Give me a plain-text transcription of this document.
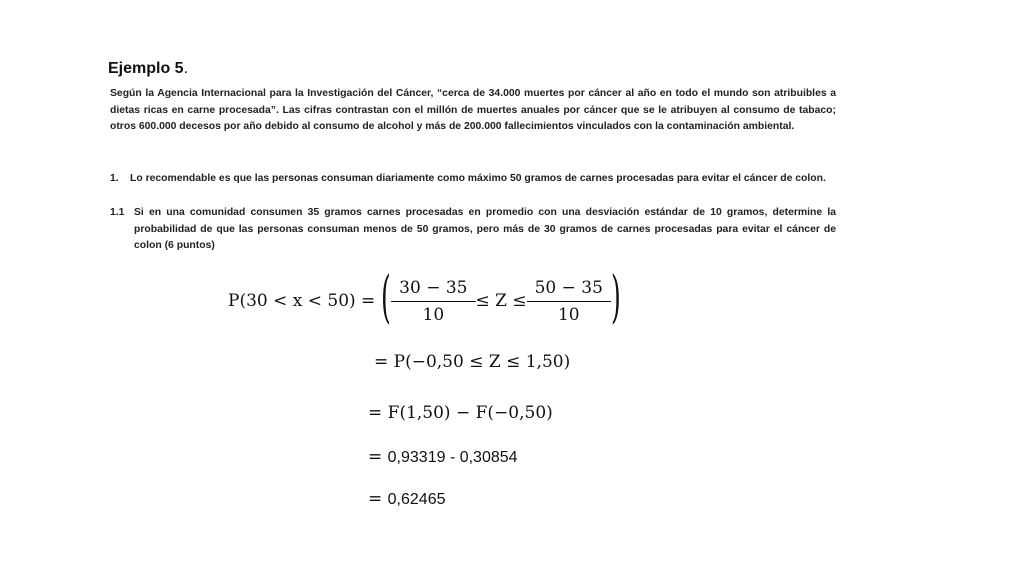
Ejemplo 5.
Según la Agencia Internacional para la Investigación del Cáncer, “cerca de 34.000 muertes por cáncer al año en todo el mundo son atribuibles a dietas ricas en carne procesada”. Las cifras contrastan con el millón de muertes anuales por cáncer que se le atribuyen al consumo de tabaco; otros 600.000 decesos por año debido al consumo de alcohol y más de 200.000 fallecimientos vinculados con la contaminación ambiental.
1. Lo recomendable es que las personas consuman diariamente como máximo 50 gramos de carnes procesadas para evitar el cáncer de colon.
1.1 Si en una comunidad consumen 35 gramos carnes procesadas en promedio con una desviación estándar de 10 gramos, determine la probabilidad de que las personas consuman menos de 50 gramos, pero más de 30 gramos de carnes procesadas para evitar el cáncer de colon (6 puntos)
P(30 < x < 50) = ( $\frac{30 - 35}{10} \le Z \le \frac{50 - 35}{10}$ )
= P(−0,50 ≤ Z ≤ 1,50)
= F(1,50) − F(−0,50)
= 0,93319 - 0,30854
= 0,62465
